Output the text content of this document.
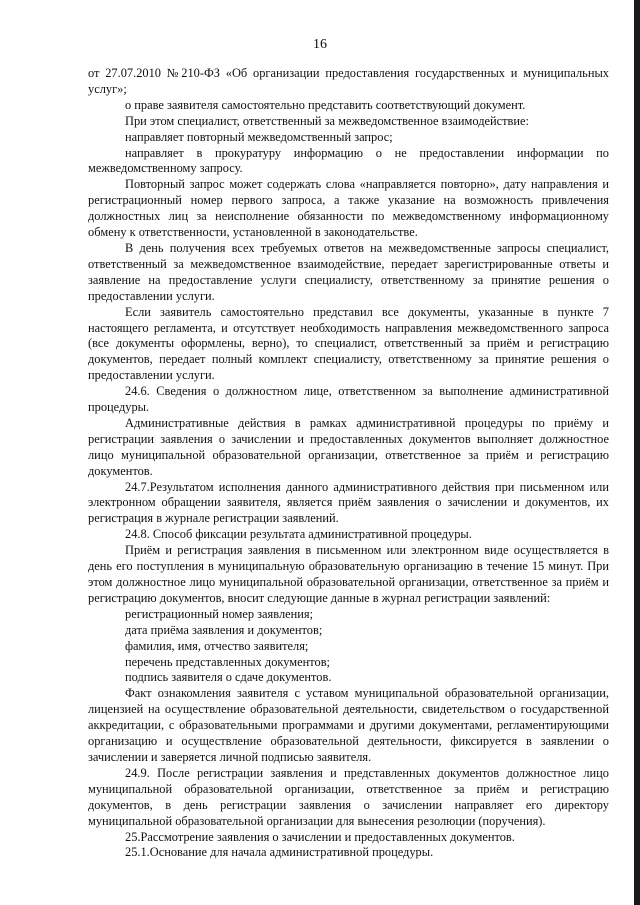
16

от 27.07.2010 №210-ФЗ «Об организации предоставления государственных и муниципальных услуг»;

о праве заявителя самостоятельно представить соответствующий документ.

При этом специалист, ответственный за межведомственное взаимодействие:

направляет повторный межведомственный запрос;

направляет в прокуратуру информацию о не предоставлении информации по межведомственному запросу.

Повторный запрос может содержать слова «направляется повторно», дату направления и регистрационный номер первого запроса, а также указание на возможность привлечения должностных лиц за неисполнение обязанности по межведомственному информационному обмену к ответственности, установленной в законодательстве.

В день получения всех требуемых ответов на межведомственные запросы специалист, ответственный за межведомственное взаимодействие, передает зарегистрированные ответы и заявление на предоставление услуги специалисту, ответственному за принятие решения о предоставлении услуги.

Если заявитель самостоятельно представил все документы, указанные в пункте 7 настоящего регламента, и отсутствует необходимость направления межведомственного запроса (все документы оформлены, верно), то специалист, ответственный за приём и регистрацию документов, передает полный комплект специалисту, ответственному за принятие решения о предоставлении услуги.

24.6. Сведения о должностном лице, ответственном за выполнение административной процедуры.

Административные действия в рамках административной процедуры по приёму и регистрации заявления о зачислении и предоставленных документов выполняет должностное лицо муниципальной образовательной организации, ответственное за приём и регистрацию документов.

24.7.Результатом исполнения данного административного действия при письменном или электронном обращении заявителя, является приём заявления о зачислении и документов, их регистрация в журнале регистрации заявлений.

24.8. Способ фиксации результата административной процедуры.

Приём и регистрация заявления в письменном или электронном виде осуществляется в день его поступления в муниципальную образовательную организацию в течение 15 минут. При этом должностное лицо муниципальной образовательной организации, ответственное за приём и регистрацию документов, вносит следующие данные в журнал регистрации заявлений:

регистрационный номер заявления;

дата приёма заявления и документов;

фамилия, имя, отчество заявителя;

перечень представленных документов;

подпись заявителя о сдаче документов.

Факт ознакомления заявителя с уставом муниципальной образовательной организации, лицензией на осуществление образовательной деятельности, свидетельством о государственной аккредитации, с образовательными программами и другими документами, регламентирующими организацию и осуществление образовательной деятельности, фиксируется в заявлении о зачислении и заверяется личной подписью заявителя.

24.9. После регистрации заявления и представленных документов должностное лицо муниципальной образовательной организации, ответственное за приём и регистрацию документов, в день регистрации заявления о зачислении направляет его директору муниципальной образовательной организации для вынесения резолюции (поручения).

25.Рассмотрение заявления о зачислении и предоставленных документов.

25.1.Основание для начала административной процедуры.
